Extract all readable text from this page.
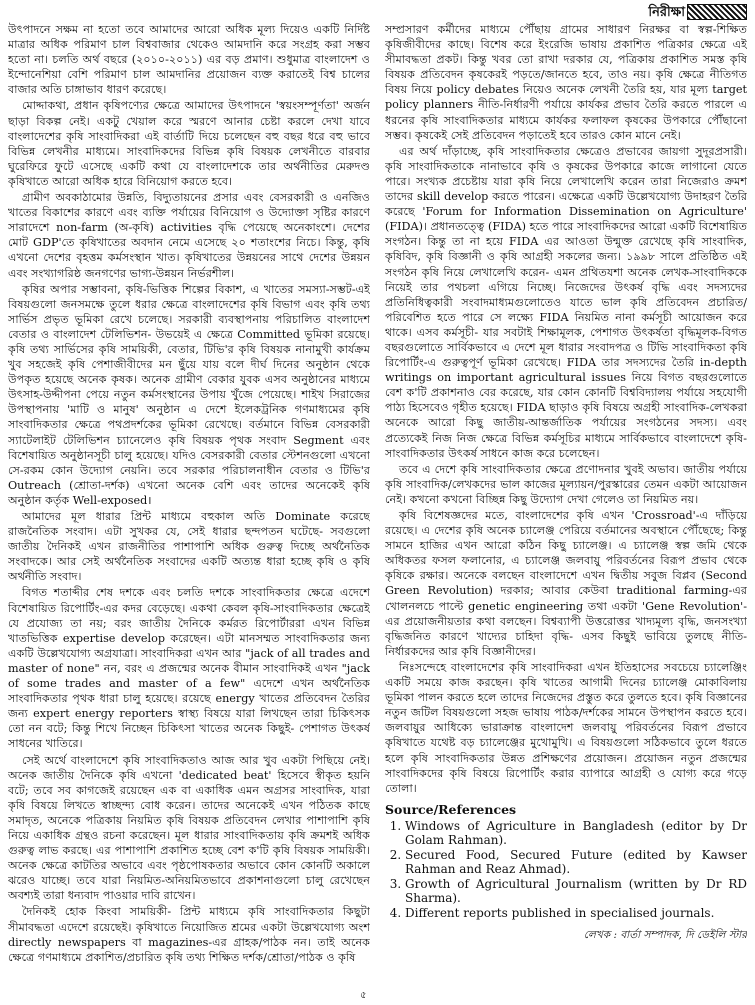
নিরীক্ষা

উৎপাদনে সক্ষম না হতো তবে আমাদের আরো অধিক মূল্য দিয়েও একটি নির্দিষ্ট মাত্রার অধিক পরিমাণ চাল বিশ্ববাজার থেকেও আমদানি করে সংগ্রহ করা সম্ভব হতো না। চলতি অর্থ বছরে (২০১০-২০১১) এর বড় প্রমাণ। শুধুমাত্র বাংলাদেশ ও ইন্দোনেশিয়া বেশি পরিমাণ চাল আমদানির প্রয়োজন ব্যক্ত করাতেই বিশ্ব চালের বাজার অতি চাঙ্গাভাব ধারণ করেছে।

মোদ্দাকথা, প্রধান কৃষিপণ্যের ক্ষেত্রে আমাদের উৎপাদনে 'স্বয়ংসম্পূর্ণতা' অর্জন ছাড়া বিকল্প নেই। একটু খেয়াল করে স্মরণে আনার চেষ্টা করলে দেখা যাবে বাংলাদেশের কৃষি সাংবাদিকরা এই বার্তাটি দিয়ে চলেছেন বহু বছর ধরে বহু ভাবে বিভিন্ন লেখনীর মাধ্যমে। সাংবাদিকদের বিভিন্ন কৃষি বিষয়ক লেখনীতে বারবার ঘুরেফিরে ফুটে এসেছে একটি কথা যে বাংলাদেশকে তার অর্থনীতির মেরুদণ্ড কৃষিখাতে আরো অধিক হারে বিনিয়োগ করতে হবে।

গ্রামীণ অবকাঠামোর উন্নতি, বিদ্যুতায়নের প্রসার এবং বেসরকারী ও এনজিও খাতের বিকাশের কারণে এবং ব্যক্তি পর্যায়ের বিনিয়োগ ও উদ্যোক্তা সৃষ্টির কারণে সারাদেশে non-farm (অ-কৃষি) activities বৃদ্ধি পেয়েছে অনেকাংশে। দেশের মোট GDP'তে কৃষিখাতের অবদান নেমে এসেছে ২০ শতাংশের নিচে। কিন্তু, কৃষি এখনো দেশের বৃহত্তম কর্মসংস্থান খাত। কৃষিখাতের উন্নয়নের সাথে দেশের উন্নয়ন এবং সংখ্যাগরিষ্ঠ জনগণের ভাগ্য-উন্নয়ন নির্ভরশীল।

কৃষির অপার সম্ভাবনা, কৃষি-ভিত্তিক শিল্পের বিকাশ, এ খাতের সমস্যা-সম্ভট-এই বিষয়গুলো জনসমক্ষে তুলে ধরার ক্ষেত্রে বাংলাদেশের কৃষি বিভাগ এবং কৃষি তথ্য সার্ভিস প্রভৃত ভূমিকা রেখে চলেছে। সরকারী ব্যবস্থাপনায় পরিচালিত বাংলাদেশ বেতার ও বাংলাদেশ টেলিভিশন- উভয়েই এ ক্ষেত্রে Committed ভূমিকা রয়েছে। কৃষি তথ্য সার্ভিসের কৃষি সাময়িকী, বেতার, টিভি'র কৃষি বিষয়ক নানামুখী কার্যক্রম খুব সহজেই কৃষি পেশাজীবীদের মন ছুঁয়ে যায় বলে দীর্ঘ দিনের অনুষ্ঠান থেকে উপকৃত হয়েছে অনেক কৃষক। অনেক গ্রামীণ বেকার যুবক এসব অনুষ্ঠানের মাধ্যমে উৎসাহ-উদ্দীপনা পেয়ে নতুন কর্মসংস্থানের উপায় খুঁজে পেয়েছে। শাইখ সিরাজের উপস্থাপনায় 'মাটি ও মানুষ' অনুষ্ঠান এ দেশে ইলেকট্রনিক গণমাধ্যমের কৃষি সাংবাদিকতার ক্ষেত্রে পথপ্রদর্শকের ভূমিকা রেখেছে। বর্তমানে বিভিন্ন বেসরকারী স্যাটেলাইট টেলিভিশন চ্যানেলেও কৃষি বিষয়ক পৃথক সংবাদ Segment এবং বিশেষায়িত অনুষ্ঠানসূচী চালু হয়েছে। যদিও বেসরকারী বেতার স্টেশনগুলো এখনো সে-রকম কোন উদ্যোগ নেয়নি। তবে সরকার পরিচালনাধীন বেতার ও টিভি'র Outreach (শ্রোতা-দর্শক) এখনো অনেক বেশি এবং তাদের অনেকেই কৃষি অনুষ্ঠান কর্তৃক Well-exposed।

আমাদের মূল ধারার প্রিন্ট মাধ্যমে বহুকাল অতি Dominate করেছে রাজনৈতিক সংবাদ। এটা সুখকর যে, সেই ধারার ছন্দপতন ঘটেছে- সবগুলো জাতীয় দৈনিকই এখন রাজনীতির পাশাপাশি অধিক গুরুত্ব দিচ্ছে অর্থনৈতিক সংবাদকে। আর সেই অর্থনৈতিক সংবাদের একটি অত্যন্ত ধারা হচ্ছে কৃষি ও কৃষি অর্থনীতি সংবাদ।

বিগত শতাব্দীর শেষ দশকে এবং চলতি দশকে সাংবাদিকতার ক্ষেত্রে এদেশে বিশেষায়িত রিপোর্টিং-এর কদর বেড়েছে। একথা কেবল কৃষি-সাংবাদিকতার ক্ষেত্রেই যে প্রযোজ্য তা নয়; বরং জাতীয় দৈনিকে কর্মরত রিপোর্টাররা এখন বিভিন্ন খাতভিত্তিক expertise develop করেছেন। এটা মানসম্মত সাংবাদিকতার জন্য একটি উল্লেখযোগ্য অগ্রযাত্রা। সাংবাদিকরা এখন আর "jack of all trades and master of none" নন, বরং এ প্রজন্মের অনেক বীমান সাংবাদিকই এখন "jack of some trades and master of a few" এদেশে এখন অর্থনৈতিক সাংবাদিকতার পৃথক ধারা চালু হয়েছে। রয়েছে energy খাতের প্রতিবেদন তৈরির জন্য expert energy reporters স্বাস্থ্য বিষয়ে যারা লিখছেন তারা চিকিৎসক তো নন বটে; কিন্তু শিখে নিচ্ছেন চিকিৎসা খাতের অনেক কিছুই- পেশাগত উৎকর্ষ সাধনের খাতিরে।

সেই অর্থে বাংলাদেশে কৃষি সাংবাদিকতাও আজ আর খুব একটা পিছিয়ে নেই। অনেক জাতীয় দৈনিকে কৃষি এখনো 'dedicated beat' হিসেবে স্বীকৃত হয়নি বটে; তবে সব কাগজেই রয়েছেন এক বা একাধিক এমন অগ্রসর সাংবাদিক, যারা কৃষি বিষয়ে লিখতে স্বাচ্ছন্দ্য বোধ করেন। তাদের অনেকেই এখন পঠিতক কাছে সমাদৃত, অনেকে পত্রিকায় নিয়মিত কৃষি বিষয়ক প্রতিবেদন লেখার পাশাপাশি কৃষি নিয়ে একাধিক গ্রন্থও রচনা করেছেন। মূল ধারার সাংবাদিকতায় কৃষি ক্রমশই অধিক গুরুত্ব লাভ করছে। এর পাশাপাশি প্রকাশিত হচ্ছে বেশ ক'টি কৃষি বিষয়ক সাময়িকী। অনেক ক্ষেত্রে কাটতির অভাবে এবং পৃষ্ঠপোষকতার অভাবে কোন কোনটি অকালে ঝরেও যাচ্ছে। তবে যারা নিয়মিত-অনিয়মিতভাবে প্রকাশনাগুলো চালু রেখেছেন অবশ্যই তারা ধন্যবাদ পাওয়ার দাবি রাখেন।

দৈনিকই হোক কিংবা সাময়িকী- প্রিন্ট মাধ্যমে কৃষি সাংবাদিকতার কিছুটা সীমাবদ্ধতা এদেশে রয়েছেই। কৃষিখাতে নিয়োজিত শ্রমের একটা উল্লেখযোগ্য অংশ directly newspapers বা magazines-এর গ্রাহক/পাঠক নন। তাই অনেক ক্ষেত্রে গণমাধ্যমে প্রকাশিত/প্রচারিত কৃষি তথ্য শিক্ষিত দর্শক/শ্রোতা/পাঠক ও কৃষি

সম্প্রসারণ কর্মীদের মাধ্যমে পৌঁছায় গ্রামের সাধারণ নিরক্ষর বা স্বল্প-শিক্ষিত কৃষিজীবীদের কাছে। বিশেষ করে ইংরেজি ভাষায় প্রকাশিত পত্রিকার ক্ষেত্রে এই সীমাবদ্ধতা প্রকট। কিন্তু খবর তো রাখা দরকার যে, পত্রিকায় প্রকাশিত সমস্ত কৃষি বিষয়ক প্রতিবেদন কৃষকেরই পড়তে/জানতে হবে, তাও নয়। কৃষি ক্ষেত্রে নীতিগত বিষয় নিয়ে policy debates নিয়েও অনেক লেখনী তৈরি হয়, যার মূল্য target policy planners নীতি-নির্ধারণী পর্যায়ে কার্যকর প্রভাব তৈরি করতে পারলে এ ধরনের কৃষি সাংবাদিকতার মাধ্যমে কার্যকর ফলাফল কৃষকের উপকারে পৌঁছানো সম্ভব। কৃষকেই সেই প্রতিবেদন পড়াতেই হবে তারও কোন মানে নেই।

এর অর্থ দাঁড়াচ্ছে, কৃষি সাংবাদিকতার ক্ষেত্রেও প্রভাবের জায়গা সুদূরপ্রসারী। কৃষি সাংবাদিকতাকে নানাভাবে কৃষি ও কৃষকের উপকারে কাজে লাগানো যেতে পারে। সংখ্যক প্রচেষ্টায় যারা কৃষি নিয়ে লেখালেখি করেন তারা নিজেরাও ক্রমশ তাদের skill develop করতে পারেন। এক্ষেত্রে একটি উল্লেখযোগ্য উদাহরণ তৈরি করেছে 'Forum for Information Dissemination on Agriculture' (FIDA)। প্রধানতত্ত্বে (FIDA) হতে পারে সাংবাদিকদের আরো একটি বিশেষায়িত সংগঠন। কিন্তু তা না হয়ে FIDA এর আওতা উন্মুক্ত রেখেছে কৃষি সাংবাদিক, কৃষিবিদ, কৃষি বিজ্ঞানী ও কৃষি আগ্রহী সকলের জন্য। ১৯৯৮ সালে প্রতিষ্ঠিত এই সংগঠন কৃষি নিয়ে লেখালেখি করেন- এমন প্রথিতযশা অনেক লেখক-সাংবাদিককে নিয়েই তার পথচলা এগিয়ে নিচ্ছে। নিজেদের উৎকর্ষ বৃদ্ধি এবং সদস্যদের প্রতিনিধিত্বকারী সংবাদমাধ্যমগুলোতেও যাতে ভাল কৃষি প্রতিবেদন প্রচারিত/পরিবেশিত হতে পারে সে লক্ষ্যে FIDA নিয়মিত নানা কর্মসূচী আয়োজন করে থাকে। এসব কর্মসূচী- যার সবটাই শিক্ষামূলক, পেশাগত উৎকর্ষতা বৃদ্ধিমূলক-বিগত বছরগুলোতে সার্বিকভাবে এ দেশে মূল ধারার সংবাদপত্র ও টিভি সাংবাদিকতা কৃষি রিপোর্টিং-এ গুরুত্বপূর্ণ ভূমিকা রেখেছে। FIDA তার সদস্যদের তৈরি in-depth writings on important agricultural issues নিয়ে বিগত বছরগুলোতে বেশ ক'টি প্রকাশনাও বের করেছে, যার কোন কোনটি বিশ্ববিদ্যালয় পর্যায়ে সহযোগী পাঠ্য হিসেবেও গৃহীত হয়েছে। FIDA ছাড়াও কৃষি বিষয়ে অগ্রহী সাংবাদিক-লেখকরা অনেকে আরো কিছু জাতীয়-আন্তর্জাতিক পর্যায়ের সংগঠনের সদস্য। এবং প্রত্যেকেই নিজ নিজ ক্ষেত্রে বিভিন্ন কর্মসূচির মাধ্যমে সার্বিকভাবে বাংলাদেশে কৃষি-সাংবাদিকতার উৎকর্ষ সাধনে কাজ করে চলেছেন।

তবে এ দেশে কৃষি সাংবাদিকতার ক্ষেত্রে প্রণোদনার খুবই অভাব। জাতীয় পর্যায়ে কৃষি সাংবাদিক/লেখকদের ভাল কাজের মূল্যায়ন/পুরস্কারের তেমন একটা আয়োজন নেই। কখনো কখনো বিচ্ছিন্ন কিছু উদ্যোগ দেখা গেলেও তা নিয়মিত নয়।

কৃষি বিশেষজ্ঞদের মতে, বাংলাদেশের কৃষি এখন 'Crossroad'-এ দাঁড়িয়ে রয়েছে। এ দেশের কৃষি অনেক চ্যালেঞ্জ পেরিয়ে বর্তমানের অবস্থানে পৌঁছেছে; কিন্তু সামনে হাজির এখন আরো কঠিন কিছু চ্যালেঞ্জ। এ চ্যালেঞ্জ স্বল্প জমি থেকে অধিকতর ফসল ফলানোর, এ চ্যালেঞ্জ জলবায়ু পরিবর্তনের বিরূপ প্রভাব থেকে কৃষিকে রক্ষার। অনেকে বলছেন বাংলাদেশে এখন দ্বিতীয় সবুজ বিপ্লব (Second Green Revolution) দরকার; আবার কেউবা traditional farming-এর খোলনলচে পাল্টে genetic engineering তথা একটা 'Gene Revolution'-এর প্রয়োজনীয়তার কথা বলছেন। বিশ্বব্যাপী উত্তরোত্তর খাদ্যমূল্য বৃদ্ধি, জনসংখ্যা বৃদ্ধিজনিত কারণে খাদ্যের চাহিদা বৃদ্ধি- এসব কিছুই ভাবিয়ে তুলছে নীতি-নির্ধারকদের আর কৃষি বিজ্ঞানীদের।

নিঃসন্দেহে বাংলাদেশের কৃষি সাংবাদিকরা এখন ইতিহাসের সবচেয়ে চ্যালেঞ্জিং একটি সময়ে কাজ করছেন। কৃষি খাতের আগামী দিনের চ্যালেঞ্জ মোকাবিলায় ভূমিকা পালন করতে হলে তাদের নিজেদের প্রস্তুত করে তুলতে হবে। কৃষি বিজ্ঞানের নতুন জটিল বিষয়গুলো সহজ ভাষায় পাঠক/দর্শকের সামনে উপস্থাপন করতে হবে। জলবায়ুর আধিক্যে ভারাক্রান্ত বাংলাদেশ জলবায়ু পরিবর্তনের বিরূপ প্রভাবে কৃষিখাতে যথেষ্ট বড় চ্যালেঞ্জের মুখোমুখি। এ বিষয়গুলো সঠিকভাবে তুলে ধরতে হলে কৃষি সাংবাদিকতার উন্নত প্রশিক্ষণের প্রয়োজন। প্রয়োজন নতুন প্রজন্মের সাংবাদিকদের কৃষি বিষয়ে রিপোর্টিং করার ব্যাপারে আগ্রহী ও যোগ্য করে গড়ে তোলা।

Source/References
1. Windows of Agriculture in Bangladesh (editor by Dr Golam Rahman).
2. Secured Food, Secured Future (edited by Kawser Rahman and Reaz Ahmad).
3. Growth of Agricultural Journalism (written by Dr RD Sharma).
4. Different reports published in specialised journals.
লেখক : বার্তা সম্পাদক, দি ডেইলি স্টার
৫
